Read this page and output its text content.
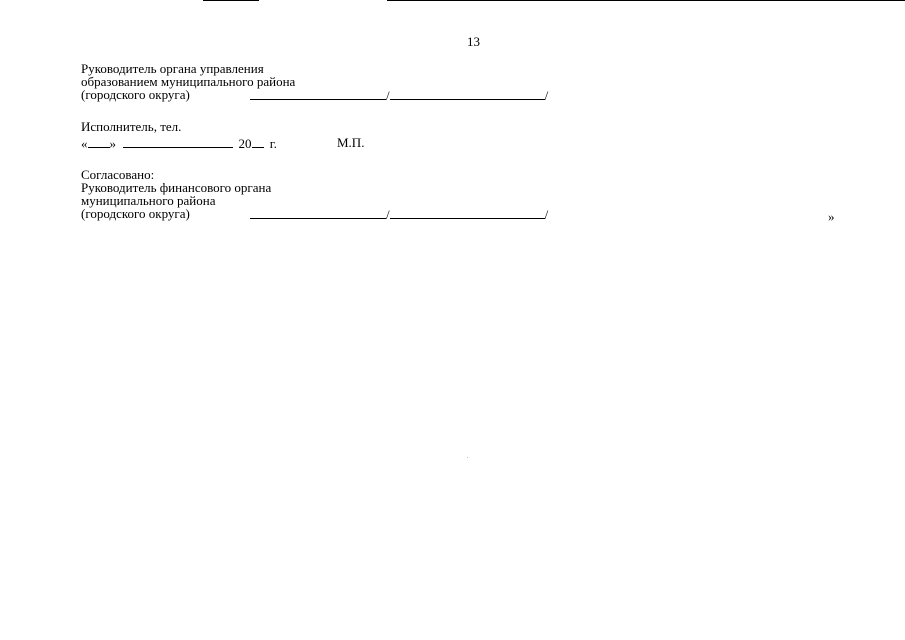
13
Руководитель органа управления
образованием муниципального района
(городского округа)	/	/
Исполнитель, тел.
« »	20 г.	М.П.
Согласовано:
Руководитель финансового органа
муниципального района
(городского округа)	/	/	»
